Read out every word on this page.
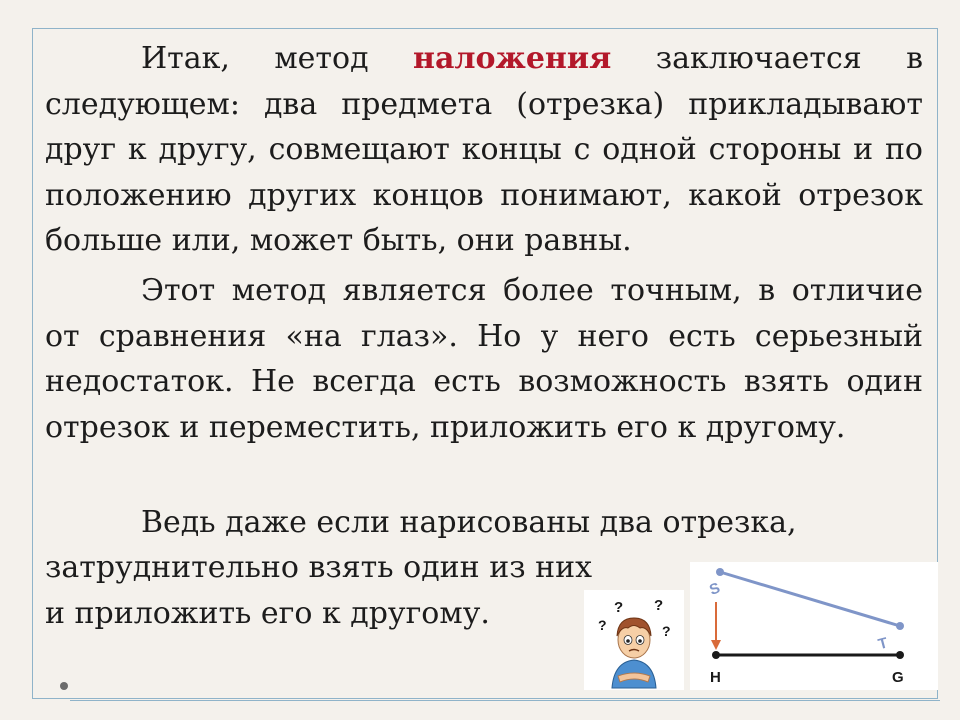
Итак, метод наложения заключается в следующем: два предмета (отрезка) прикладывают друг к другу, совмещают концы с одной стороны и по положению других концов понимают, какой отрезок больше или, может быть, они равны.

Этот метод является более точным, в отличие от сравнения «на глаз». Но у него есть серьезный недостаток. Не всегда есть возможность взять один отрезок и переместить, приложить его к другому.

Ведь даже если нарисованы два отрезка,

затруднительно взять один из них

и приложить его к другому.	? ?
?	?
S
T
H	G
